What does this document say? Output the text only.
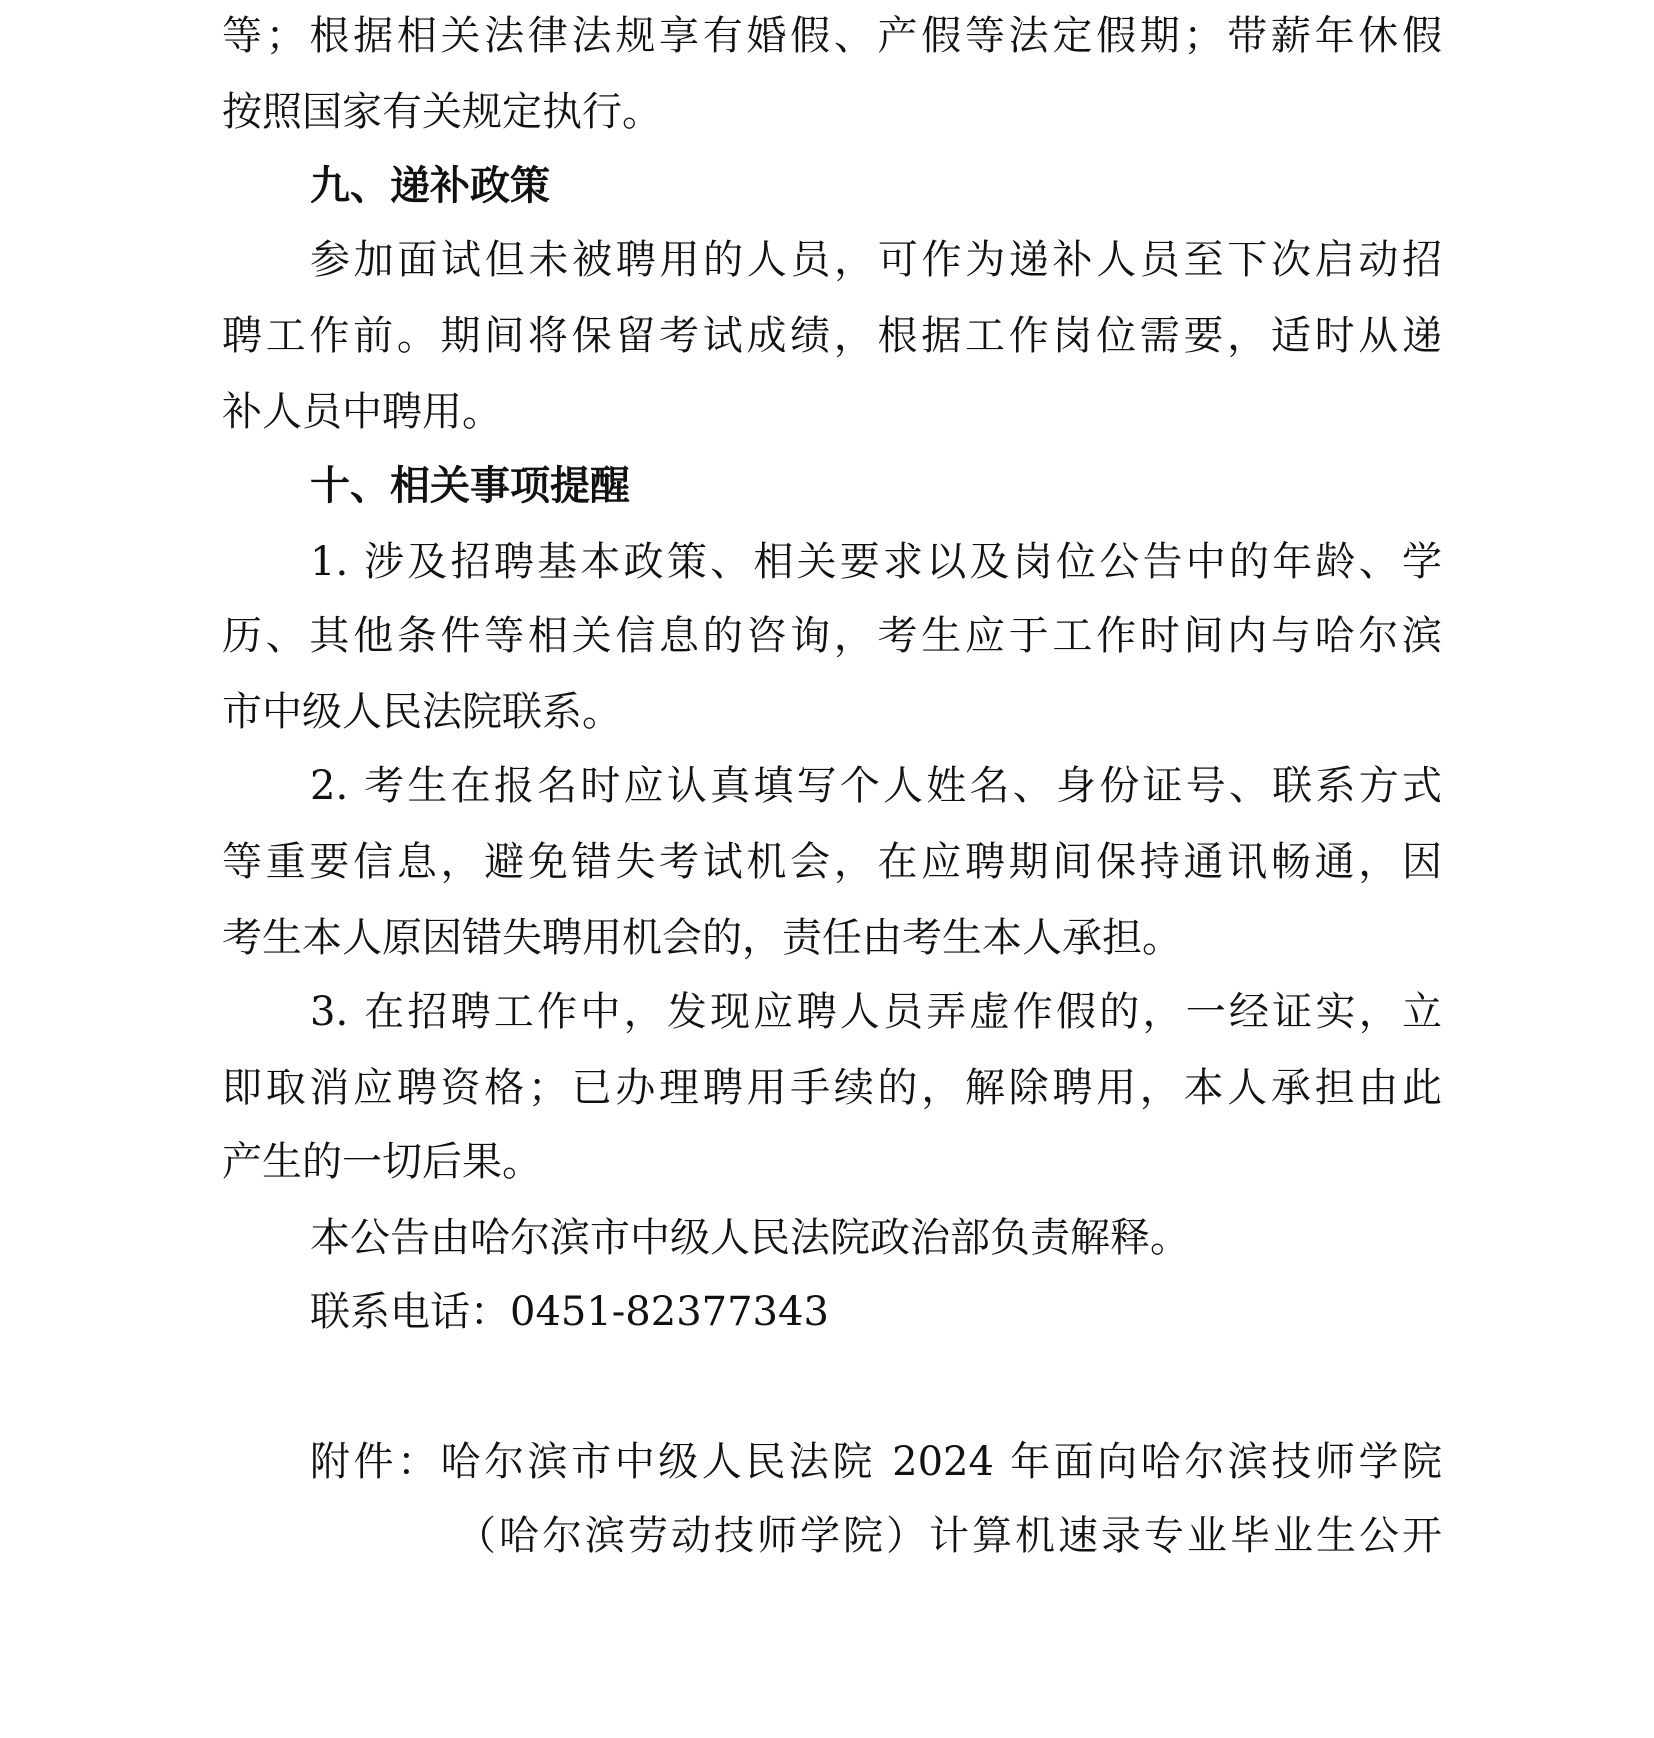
等；根据相关法律法规享有婚假、产假等法定假期；带薪年休假
按照国家有关规定执行。
九、递补政策
参加面试但未被聘用的人员，可作为递补人员至下次启动招
聘工作前。期间将保留考试成绩，根据工作岗位需要，适时从递
补人员中聘用。
十、相关事项提醒
1. 涉及招聘基本政策、相关要求以及岗位公告中的年龄、学
历、其他条件等相关信息的咨询，考生应于工作时间内与哈尔滨
市中级人民法院联系。
2. 考生在报名时应认真填写个人姓名、身份证号、联系方式
等重要信息，避免错失考试机会，在应聘期间保持通讯畅通，因
考生本人原因错失聘用机会的，责任由考生本人承担。
3. 在招聘工作中，发现应聘人员弄虚作假的，一经证实，立
即取消应聘资格；已办理聘用手续的，解除聘用，本人承担由此
产生的一切后果。
本公告由哈尔滨市中级人民法院政治部负责解释。
联系电话：0451-82377343
附件：哈尔滨市中级人民法院 2024 年面向哈尔滨技师学院
（哈尔滨劳动技师学院）计算机速录专业毕业生公开
